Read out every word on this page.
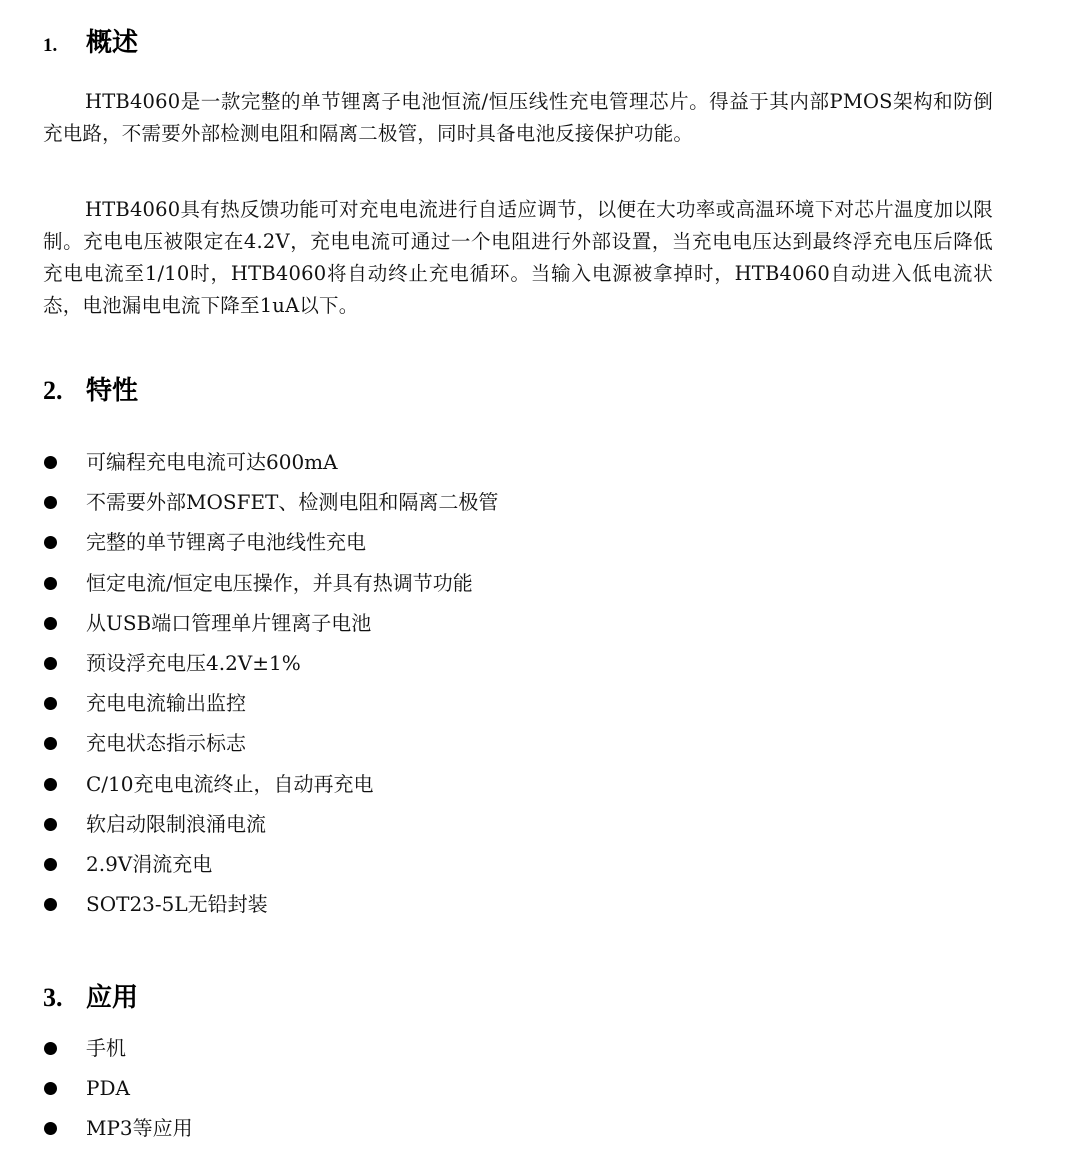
1. 概述
HTB4060是一款完整的单节锂离子电池恒流/恒压线性充电管理芯片。得益于其内部PMOS架构和防倒充电路，不需要外部检测电阻和隔离二极管，同时具备电池反接保护功能。
HTB4060具有热反馈功能可对充电电流进行自适应调节，以便在大功率或高温环境下对芯片温度加以限制。充电电压被限定在4.2V，充电电流可通过一个电阻进行外部设置，当充电电压达到最终浮充电压后降低充电电流至1/10时，HTB4060将自动终止充电循环。当输入电源被拿掉时，HTB4060自动进入低电流状态，电池漏电电流下降至1uA以下。
2. 特性
可编程充电电流可达600mA
不需要外部MOSFET、检测电阻和隔离二极管
完整的单节锂离子电池线性充电
恒定电流/恒定电压操作，并具有热调节功能
从USB端口管理单片锂离子电池
预设浮充电压4.2V±1%
充电电流输出监控
充电状态指示标志
C/10充电电流终止，自动再充电
软启动限制浪涌电流
2.9V涓流充电
SOT23-5L无铅封装
3. 应用
手机
PDA
MP3等应用
